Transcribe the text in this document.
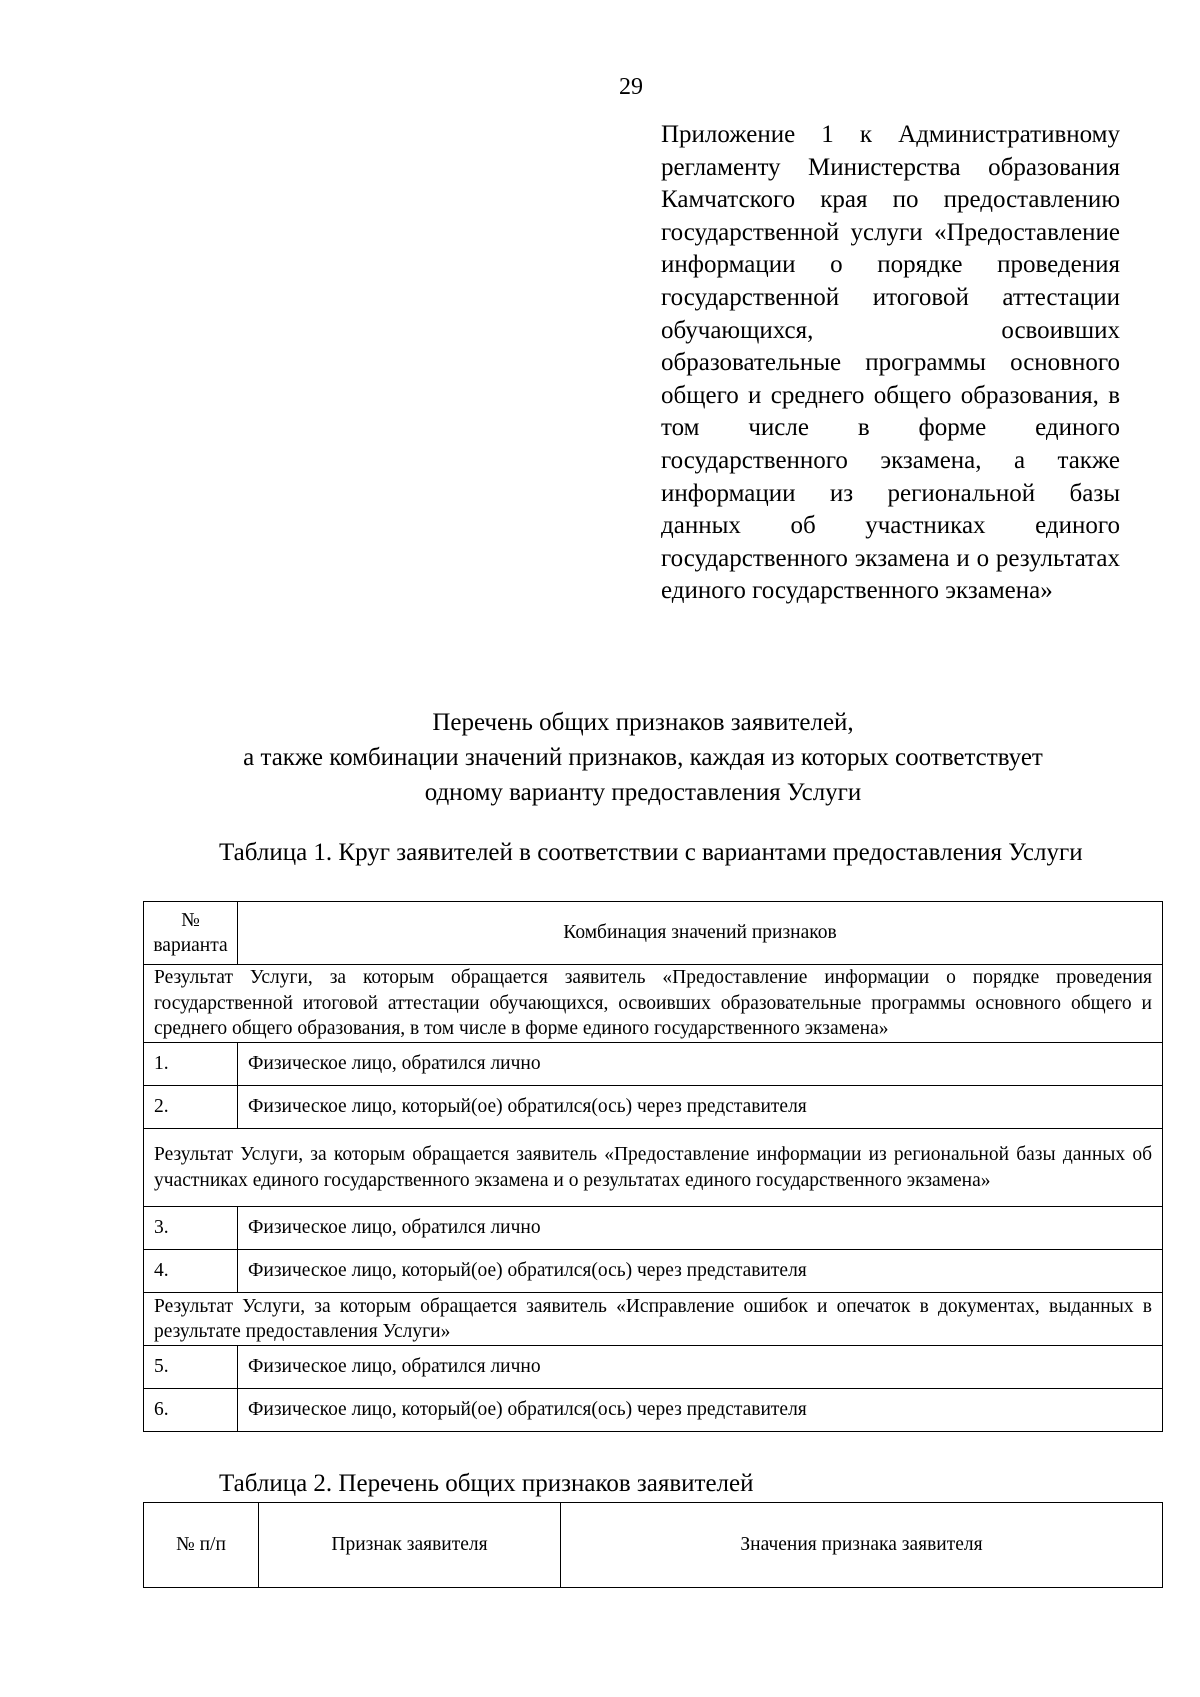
29
Приложение 1 к Административному регламенту Министерства образования Камчатского края по предоставлению государственной услуги «Предоставление информации о порядке проведения государственной итоговой аттестации обучающихся, освоивших образовательные программы основного общего и среднего общего образования, в том числе в форме единого государственного экзамена, а также информации из региональной базы данных об участниках единого государственного экзамена и о результатах единого государственного экзамена»
Перечень общих признаков заявителей,
а также комбинации значений признаков, каждая из которых соответствует
одному варианту предоставления Услуги
Таблица 1. Круг заявителей в соответствии с вариантами предоставления Услуги
№ варианта	Комбинация значений признаков
Результат Услуги, за которым обращается заявитель «Предоставление информации о порядке проведения государственной итоговой аттестации обучающихся, освоивших образовательные программы основного общего и среднего общего образования, в том числе в форме единого государственного экзамена»	
1.	Физическое лицо, обратился лично
2.	Физическое лицо, который(ое) обратился(ось) через представителя
Результат Услуги, за которым обращается заявитель «Предоставление информации из региональной базы данных об участниках единого государственного экзамена и о результатах единого государственного экзамена»	
3.	Физическое лицо, обратился лично
4.	Физическое лицо, который(ое) обратился(ось) через представителя
Результат Услуги, за которым обращается заявитель «Исправление ошибок и опечаток в документах, выданных в результате предоставления Услуги»	
5.	Физическое лицо, обратился лично
6.	Физическое лицо, который(ое) обратился(ось) через представителя
Таблица 2. Перечень общих признаков заявителей
№ п/п	Признак заявителя	Значения признака заявителя
